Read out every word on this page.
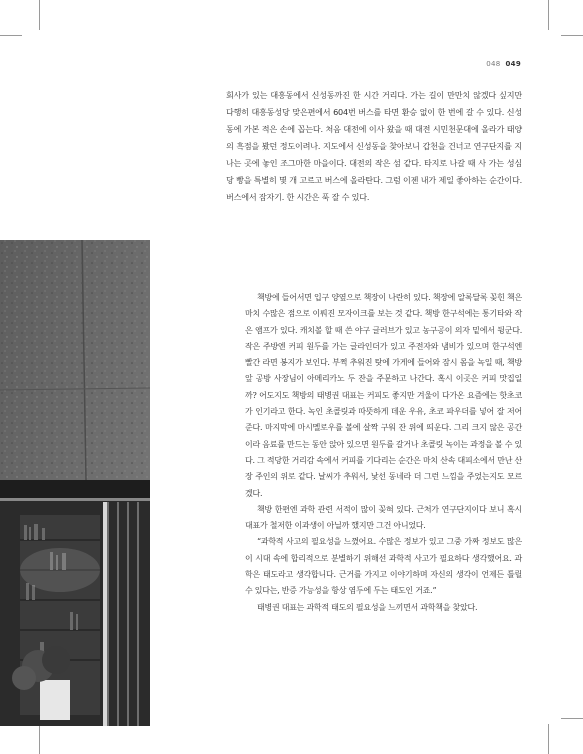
048 049

회사가 있는 대흥동에서 신성동까진 한 시간 거리다. 가는 길이 만만치 않겠다 싶지만 다행히 대흥동성당 맞은편에서 604번 버스를 타면 환승 없이 한 번에 갈 수 있다. 신성동에 가본 적은 손에 꼽는다. 처음 대전에 이사 왔을 때 대전 시민천문대에 올라가 태양의 흑점을 봤던 정도이려나. 지도에서 신성동을 찾아보니 갑천을 건너고 연구단지를 지나는 곳에 놓인 조그마한 마을이다. 대전의 작은 섬 같다. 타지로 나갈 때 사 가는 성심당 빵을 특별히 몇 개 고르고 버스에 올라탄다. 그럼 이젠 내가 제일 좋아하는 순간이다. 버스에서 잠자기. 한 시간은 푹 잘 수 있다.

책방에 들어서면 입구 양옆으로 책장이 나란히 있다. 책장에 알록달록 꽂힌 책은 마치 수많은 점으로 이뤄진 모자이크를 보는 것 같다. 책방 한구석에는 통기타와 작은 앰프가 있다. 캐치볼 할 때 쓴 야구 글러브가 있고 농구공이 의자 밑에서 뒹군다. 작은 주방엔 커피 원두를 가는 글라인더가 있고 주전자와 냄비가 있으며 한구석엔 빨간 라면 봉지가 보인다. 부쩍 추워진 탓에 가게에 들어와 잠시 몸을 녹일 때, 책방 앞 공방 사장님이 아메리카노 두 잔을 주문하고 나간다. 혹시 이곳은 커피 맛집일까? 어도지도 책방의 태병권 대표는 커피도 좋지만 겨울이 다가온 요즘에는 핫초코가 인기라고 한다. 녹인 초콜릿과 따뜻하게 데운 우유, 초코 파우더를 넣어 잘 저어 준다. 마지막에 마시멜로우를 볼에 살짝 구워 잔 위에 띄운다. 그리 크지 않은 공간이라 음료를 만드는 동안 앉아 있으면 원두를 갈거나 초콜릿 녹이는 과정을 볼 수 있다. 그 적당한 거리감 속에서 커피를 기다리는 순간은 마치 산속 대피소에서 만난 산장 주인의 위로 같다. 날씨가 추워서, 낯선 동네라 더 그런 느낌을 주었는지도 모르겠다.

책방 한편엔 과학 관련 서적이 많이 꽂혀 있다. 근처가 연구단지이다 보니 혹시 대표가 철저한 이과생이 아닐까 했지만 그건 아니었다.

“과학적 사고의 필요성을 느꼈어요. 수많은 정보가 있고 그중 가짜 정보도 많은 이 시대 속에 합리적으로 분별하기 위해선 과학적 사고가 필요하다 생각했어요. 과학은 태도라고 생각합니다. 근거를 가지고 이야기하며 자신의 생각이 언제든 틀릴 수 있다는, 반증 가능성을 항상 염두에 두는 태도인 거죠.”

태병권 대표는 과학적 태도의 필요성을 느끼면서 과학책을 찾았다.
